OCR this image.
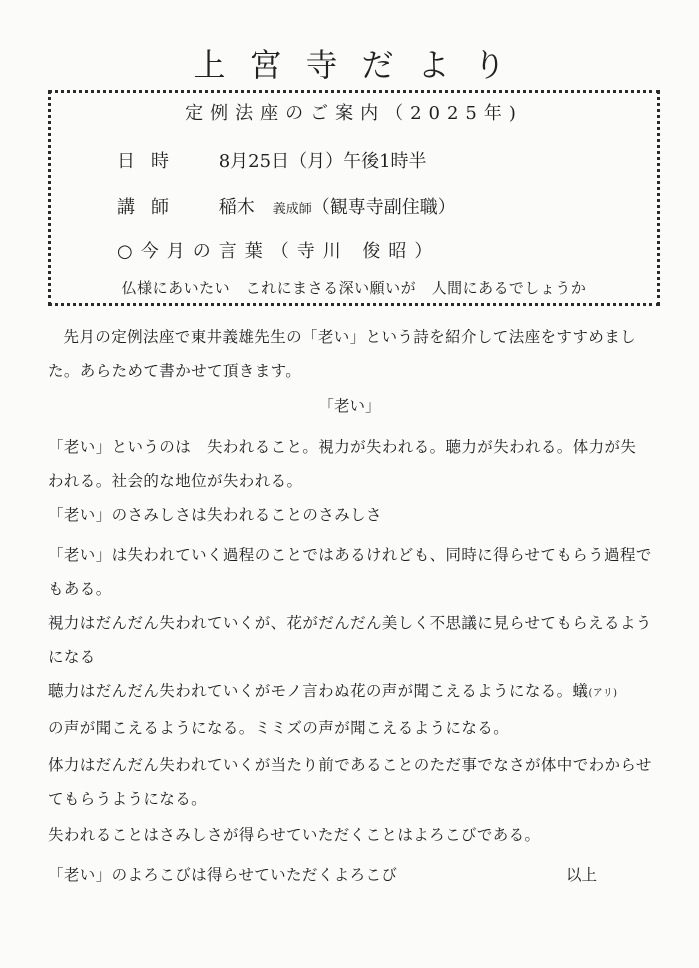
上宮寺だより
定例法座のご案内（2025年)
日時 8月25日（月）午後1時半
講師 稲木 義成師（観専寺副住職）
○今月の言葉（寺川 俊昭）
仏様にあいたい　これにまさる深い願いが　人間にあるでしょうか
先月の定例法座で東井義雄先生の「老い」という詩を紹介して法座をすすめました。あらためて書かせて頂きます。
「老い」
「老い」というのは　失われること。視力が失われる。聴力が失われる。体力が失われる。社会的な地位が失われる。
「老い」のさみしさは失われることのさみしさ
「老い」は失われていく過程のことではあるけれども、同時に得らせてもらう過程でもある。
視力はだんだん失われていくが、花がだんだん美しく不思議に見らせてもらえるようになる
聴力はだんだん失われていくがモノ言わぬ花の声が聞こえるようになる。蟻(アリ)
の声が聞こえるようになる。ミミズの声が聞こえるようになる。
体力はだんだん失われていくが当たり前であることのただ事でなさが体中でわからせてもらうようになる。
失われることはさみしさが得らせていただくことはよろこびである。
「老い」のよろこびは得らせていただくよろこび	以上
